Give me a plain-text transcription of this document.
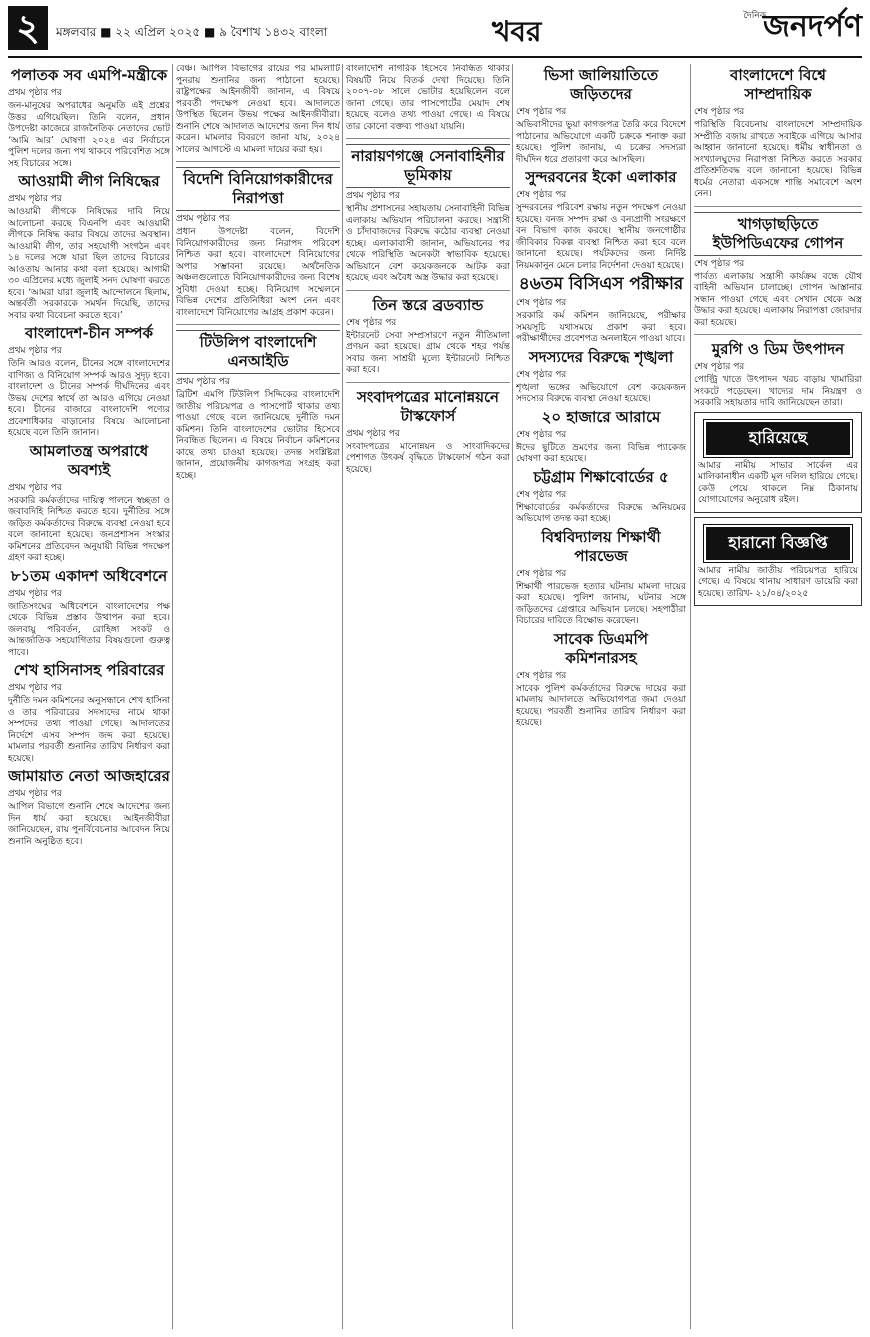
২	মঙ্গলবার ■ ২২ এপ্রিল ২০২৫ ■ ৯ বৈশাখ ১৪৩২ বাংলা	খবর	দৈনিক
জনদর্পণ
পলাতক সব এমপি-মন্ত্রীকে
প্রথম পৃষ্ঠার পর

জন-মানুষের অপরাধের অনুমতি এই প্রশ্নের উত্তর এগিয়েছিল। তিনি বলেন, প্রধান উপদেষ্টা কাজেরে রাজনৈতিক নেতাদের ভোট ‘আমি আর’ ঘোষণা ২০২৪ এর নির্বাচনে পুলিশ দলের জন্য পথ থাকবে পরিবেশিত সঙ্গে সহ বিচারের সঙ্গে।

আওয়ামী লীগ নিষিদ্ধের
প্রথম পৃষ্ঠার পর

আওয়ামী লীগকে নিষিদ্ধের দাবি নিয়ে আলোচনা করছে বিএনপি এবং আওয়ামী লীগকে নিষিদ্ধ করার বিষয়ে তাদের অবস্থান। আওয়ামী লীগ, তার সহযোগী সংগঠন এবং ১৪ দলের সঙ্গে যারা ছিল তাদের বিচারের আওতায় আনার কথা বলা হয়েছে। আগামী ৩০ এপ্রিলের মধ্যে জুলাই সনদ ঘোষণা করতে হবে। ‘আমরা যারা জুলাই আন্দোলনে ছিলাম, অন্তর্বর্তী সরকারকে সমর্থন দিয়েছি, তাদের সবার কথা বিবেচনা করতে হবে।’

বাংলাদেশ-চীন সম্পর্ক
প্রথম পৃষ্ঠার পর

তিনি আরও বলেন, চীনের সঙ্গে বাংলাদেশের বাণিজ্য ও বিনিয়োগ সম্পর্ক আরও সুদৃঢ় হবে। বাংলাদেশ ও চীনের সম্পর্ক দীর্ঘদিনের এবং উভয় দেশের স্বার্থে তা আরও এগিয়ে নেওয়া হবে। চীনের বাজারে বাংলাদেশি পণ্যের প্রবেশাধিকার বাড়ানোর বিষয়ে আলোচনা হয়েছে বলে তিনি জানান।

আমলাতন্ত্র অপরাধে অবশ্যই
প্রথম পৃষ্ঠার পর

সরকারি কর্মকর্তাদের দায়িত্ব পালনে স্বচ্ছতা ও জবাবদিহি নিশ্চিত করতে হবে। দুর্নীতির সঙ্গে জড়িত কর্মকর্তাদের বিরুদ্ধে ব্যবস্থা নেওয়া হবে বলে জানানো হয়েছে। জনপ্রশাসন সংস্কার কমিশনের প্রতিবেদন অনুযায়ী বিভিন্ন পদক্ষেপ গ্রহণ করা হচ্ছে।

৮১তম একাদশ অধিবেশনে
প্রথম পৃষ্ঠার পর

জাতিসংঘের অধিবেশনে বাংলাদেশের পক্ষ থেকে বিভিন্ন প্রস্তাব উত্থাপন করা হবে। জলবায়ু পরিবর্তন, রোহিঙ্গা সংকট ও আন্তর্জাতিক সহযোগিতার বিষয়গুলো গুরুত্ব পাবে।

শেখ হাসিনাসহ পরিবারের
প্রথম পৃষ্ঠার পর

দুর্নীতি দমন কমিশনের অনুসন্ধানে শেখ হাসিনা ও তার পরিবারের সদস্যদের নামে থাকা সম্পদের তথ্য পাওয়া গেছে। আদালতের নির্দেশে এসব সম্পদ জব্দ করা হয়েছে। মামলার পরবর্তী শুনানির তারিখ নির্ধারণ করা হয়েছে।

জামায়াত নেতা আজহারের
প্রথম পৃষ্ঠার পর

আপিল বিভাগে শুনানি শেষে আদেশের জন্য দিন ধার্য করা হয়েছে। আইনজীবীরা জানিয়েছেন, রায় পুনর্বিবেচনার আবেদন নিয়ে শুনানি অনুষ্ঠিত হবে।

বেঞ্চ। আপিল বিভাগের রায়ের পর মামলাটি পুনরায় শুনানির জন্য পাঠানো হয়েছে। রাষ্ট্রপক্ষের আইনজীবী জানান, এ বিষয়ে পরবর্তী পদক্ষেপ নেওয়া হবে। আদালতে উপস্থিত ছিলেন উভয় পক্ষের আইনজীবীরা। শুনানি শেষে আদালত আদেশের জন্য দিন ধার্য করেন। মামলার বিবরণে জানা যায়, ২০২৪ সালের আগস্টে এ মামলা দায়ের করা হয়।

বিদেশি বিনিয়োগকারীদের নিরাপত্তা
প্রথম পৃষ্ঠার পর

প্রধান উপদেষ্টা বলেন, বিদেশি বিনিয়োগকারীদের জন্য নিরাপদ পরিবেশ নিশ্চিত করা হবে। বাংলাদেশে বিনিয়োগের অপার সম্ভাবনা রয়েছে। অর্থনৈতিক অঞ্চলগুলোতে বিনিয়োগকারীদের জন্য বিশেষ সুবিধা দেওয়া হচ্ছে। বিনিয়োগ সম্মেলনে বিভিন্ন দেশের প্রতিনিধিরা অংশ নেন এবং বাংলাদেশে বিনিয়োগের আগ্রহ প্রকাশ করেন।

টিউলিপ বাংলাদেশি এনআইডি
প্রথম পৃষ্ঠার পর

ব্রিটিশ এমপি টিউলিপ সিদ্দিকের বাংলাদেশি জাতীয় পরিচয়পত্র ও পাসপোর্ট থাকার তথ্য পাওয়া গেছে বলে জানিয়েছে দুর্নীতি দমন কমিশন। তিনি বাংলাদেশের ভোটার হিসেবে নিবন্ধিত ছিলেন। এ বিষয়ে নির্বাচন কমিশনের কাছে তথ্য চাওয়া হয়েছে। তদন্ত সংশ্লিষ্টরা জানান, প্রয়োজনীয় কাগজপত্র সংগ্রহ করা হচ্ছে।

বাংলাদেশি নাগরিক হিসেবে নিবন্ধিত থাকার বিষয়টি নিয়ে বিতর্ক দেখা দিয়েছে। তিনি ২০০৭-০৮ সালে ভোটার হয়েছিলেন বলে জানা গেছে। তার পাসপোর্টের মেয়াদ শেষ হয়েছে বলেও তথ্য পাওয়া গেছে। এ বিষয়ে তার কোনো বক্তব্য পাওয়া যায়নি।

নারায়ণগঞ্জে সেনাবাহিনীর ভূমিকায়
প্রথম পৃষ্ঠার পর

স্থানীয় প্রশাসনের সহায়তায় সেনাবাহিনী বিভিন্ন এলাকায় অভিযান পরিচালনা করছে। সন্ত্রাসী ও চাঁদাবাজদের বিরুদ্ধে কঠোর ব্যবস্থা নেওয়া হচ্ছে। এলাকাবাসী জানান, অভিযানের পর থেকে পরিস্থিতি অনেকটা স্বাভাবিক হয়েছে। অভিযানে বেশ কয়েকজনকে আটক করা হয়েছে এবং অবৈধ অস্ত্র উদ্ধার করা হয়েছে।

তিন স্তরে ব্রডব্যান্ড
শেষ পৃষ্ঠার পর

ইন্টারনেট সেবা সম্প্রসারণে নতুন নীতিমালা প্রণয়ন করা হয়েছে। গ্রাম থেকে শহর পর্যন্ত সবার জন্য সাশ্রয়ী মূল্যে ইন্টারনেট নিশ্চিত করা হবে।

সংবাদপত্রের মানোন্নয়নে টাস্কফোর্স
প্রথম পৃষ্ঠার পর

সংবাদপত্রের মানোন্নয়ন ও সাংবাদিকদের পেশাগত উৎকর্ষ বৃদ্ধিতে টাস্কফোর্স গঠন করা হয়েছে।

ভিসা জালিয়াতিতে জড়িতদের
শেষ পৃষ্ঠার পর

অভিবাসীদের ভুয়া কাগজপত্র তৈরি করে বিদেশে পাঠানোর অভিযোগে একটি চক্রকে শনাক্ত করা হয়েছে। পুলিশ জানায়, এ চক্রের সদস্যরা দীর্ঘদিন ধরে প্রতারণা করে আসছিল।

সুন্দরবনের ইকো এলাকার
শেষ পৃষ্ঠার পর

সুন্দরবনের পরিবেশ রক্ষায় নতুন পদক্ষেপ নেওয়া হয়েছে। বনজ সম্পদ রক্ষা ও বন্যপ্রাণী সংরক্ষণে বন বিভাগ কাজ করছে। স্থানীয় জনগোষ্ঠীর জীবিকার বিকল্প ব্যবস্থা নিশ্চিত করা হবে বলে জানানো হয়েছে। পর্যটকদের জন্য নির্দিষ্ট নিয়মকানুন মেনে চলার নির্দেশনা দেওয়া হয়েছে।

৪৬তম বিসিএস পরীক্ষার
শেষ পৃষ্ঠার পর

সরকারি কর্ম কমিশন জানিয়েছে, পরীক্ষার সময়সূচি যথাসময়ে প্রকাশ করা হবে। পরীক্ষার্থীদের প্রবেশপত্র অনলাইনে পাওয়া যাবে।

সদস্যদের বিরুদ্ধে শৃঙ্খলা
শেষ পৃষ্ঠার পর

শৃঙ্খলা ভঙ্গের অভিযোগে বেশ কয়েকজন সদস্যের বিরুদ্ধে ব্যবস্থা নেওয়া হয়েছে।

২০ হাজারে আরামে
শেষ পৃষ্ঠার পর

ঈদের ছুটিতে ভ্রমণের জন্য বিভিন্ন প্যাকেজ ঘোষণা করা হয়েছে।

চট্টগ্রাম শিক্ষাবোর্ডের ৫
শেষ পৃষ্ঠার পর

শিক্ষাবোর্ডের কর্মকর্তাদের বিরুদ্ধে অনিয়মের অভিযোগ তদন্ত করা হচ্ছে।

বিশ্ববিদ্যালয় শিক্ষার্থী পারভেজ
শেষ পৃষ্ঠার পর

শিক্ষার্থী পারভেজ হত্যার ঘটনায় মামলা দায়ের করা হয়েছে। পুলিশ জানায়, ঘটনার সঙ্গে জড়িতদের গ্রেপ্তারে অভিযান চলছে। সহপাঠীরা বিচারের দাবিতে বিক্ষোভ করেছেন।

সাবেক ডিএমপি কমিশনারসহ
শেষ পৃষ্ঠার পর

সাবেক পুলিশ কর্মকর্তাদের বিরুদ্ধে দায়ের করা মামলায় আদালতে অভিযোগপত্র জমা দেওয়া হয়েছে। পরবর্তী শুনানির তারিখ নির্ধারণ করা হয়েছে।

বাংলাদেশে বিশ্বে সাম্প্রদায়িক
শেষ পৃষ্ঠার পর

পরিস্থিতি বিবেচনায় বাংলাদেশে সাম্প্রদায়িক সম্প্রীতি বজায় রাখতে সবাইকে এগিয়ে আসার আহ্বান জানানো হয়েছে। ধর্মীয় স্বাধীনতা ও সংখ্যালঘুদের নিরাপত্তা নিশ্চিত করতে সরকার প্রতিশ্রুতিবদ্ধ বলে জানানো হয়েছে। বিভিন্ন ধর্মের নেতারা একসঙ্গে শান্তি সমাবেশে অংশ নেন।

খাগড়াছড়িতে ইউপিডিএফের গোপন
শেষ পৃষ্ঠার পর

পার্বত্য এলাকায় সন্ত্রাসী কার্যক্রম বন্ধে যৌথ বাহিনী অভিযান চালাচ্ছে। গোপন আস্তানার সন্ধান পাওয়া গেছে এবং সেখান থেকে অস্ত্র উদ্ধার করা হয়েছে। এলাকায় নিরাপত্তা জোরদার করা হয়েছে।

মুরগি ও ডিম উৎপাদন
শেষ পৃষ্ঠার পর

পোল্ট্রি খাতে উৎপাদন খরচ বাড়ায় খামারিরা সংকটে পড়েছেন। খাদ্যের দাম নিয়ন্ত্রণ ও সরকারি সহায়তার দাবি জানিয়েছেন তারা।

হারিয়েছে

আমার নামীয় সাভার সার্কেল এর মালিকানাধীন একটি মূল দলিল হারিয়ে গেছে। কেউ পেয়ে থাকলে নিম্ন ঠিকানায় যোগাযোগের অনুরোধ রইল।

হারানো বিজ্ঞপ্তি

আমার নামীয় জাতীয় পরিচয়পত্র হারিয়ে গেছে। এ বিষয়ে থানায় সাধারণ ডায়েরি করা হয়েছে। তারিখ- ২১/০৪/২০২৫
